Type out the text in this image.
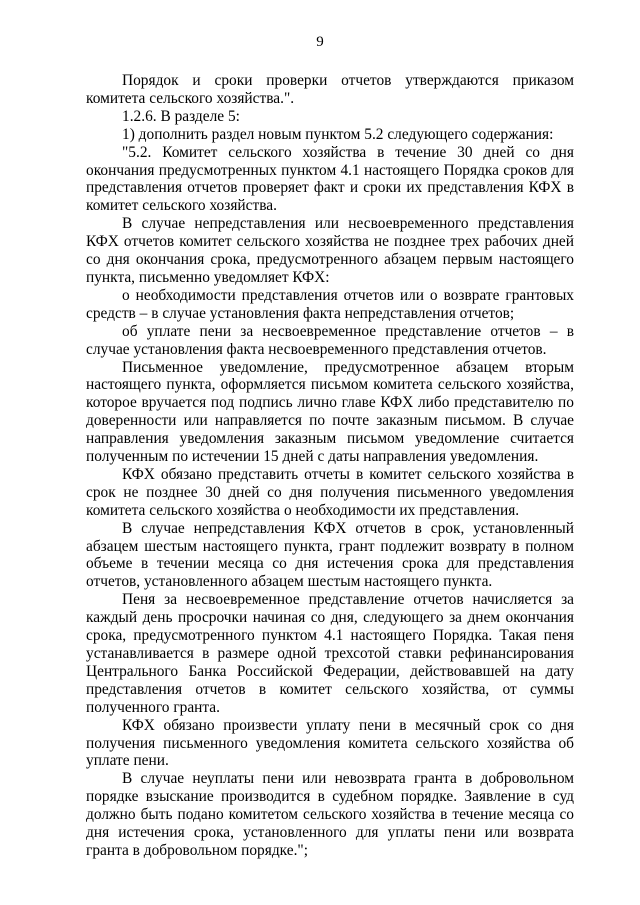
9

Порядок и сроки проверки отчетов утверждаются приказом комитета сельского хозяйства.".

1.2.6. В разделе 5:

1) дополнить раздел новым пунктом 5.2 следующего содержания:

"5.2. Комитет сельского хозяйства в течение 30 дней со дня окончания предусмотренных пунктом 4.1 настоящего Порядка сроков для представления отчетов проверяет факт и сроки их представления КФХ в комитет сельского хозяйства.

В случае непредставления или несвоевременного представления КФХ отчетов комитет сельского хозяйства не позднее трех рабочих дней со дня окончания срока, предусмотренного абзацем первым настоящего пункта, письменно уведомляет КФХ:

о необходимости представления отчетов или о возврате грантовых средств – в случае установления факта непредставления отчетов;

об уплате пени за несвоевременное представление отчетов – в случае установления факта несвоевременного представления отчетов.

Письменное уведомление, предусмотренное абзацем вторым настоящего пункта, оформляется письмом комитета сельского хозяйства, которое вручается под подпись лично главе КФХ либо представителю по доверенности или направляется по почте заказным письмом. В случае направления уведомления заказным письмом уведомление считается полученным по истечении 15 дней с даты направления уведомления.

КФХ обязано представить отчеты в комитет сельского хозяйства в срок не позднее 30 дней со дня получения письменного уведомления комитета сельского хозяйства о необходимости их представления.

В случае непредставления КФХ отчетов в срок, установленный абзацем шестым настоящего пункта, грант подлежит возврату в полном объеме в течении месяца со дня истечения срока для представления отчетов, установленного абзацем шестым настоящего пункта.

Пеня за несвоевременное представление отчетов начисляется за каждый день просрочки начиная со дня, следующего за днем окончания срока, предусмотренного пунктом 4.1 настоящего Порядка. Такая пеня устанавливается в размере одной трехсотой ставки рефинансирования Центрального Банка Российской Федерации, действовавшей на дату представления отчетов в комитет сельского хозяйства, от суммы полученного гранта.

КФХ обязано произвести уплату пени в месячный срок со дня получения письменного уведомления комитета сельского хозяйства об уплате пени.

В случае неуплаты пени или невозврата гранта в добровольном порядке взыскание производится в судебном порядке. Заявление в суд должно быть подано комитетом сельского хозяйства в течение месяца со дня истечения срока, установленного для уплаты пени или возврата гранта в добровольном порядке.";
